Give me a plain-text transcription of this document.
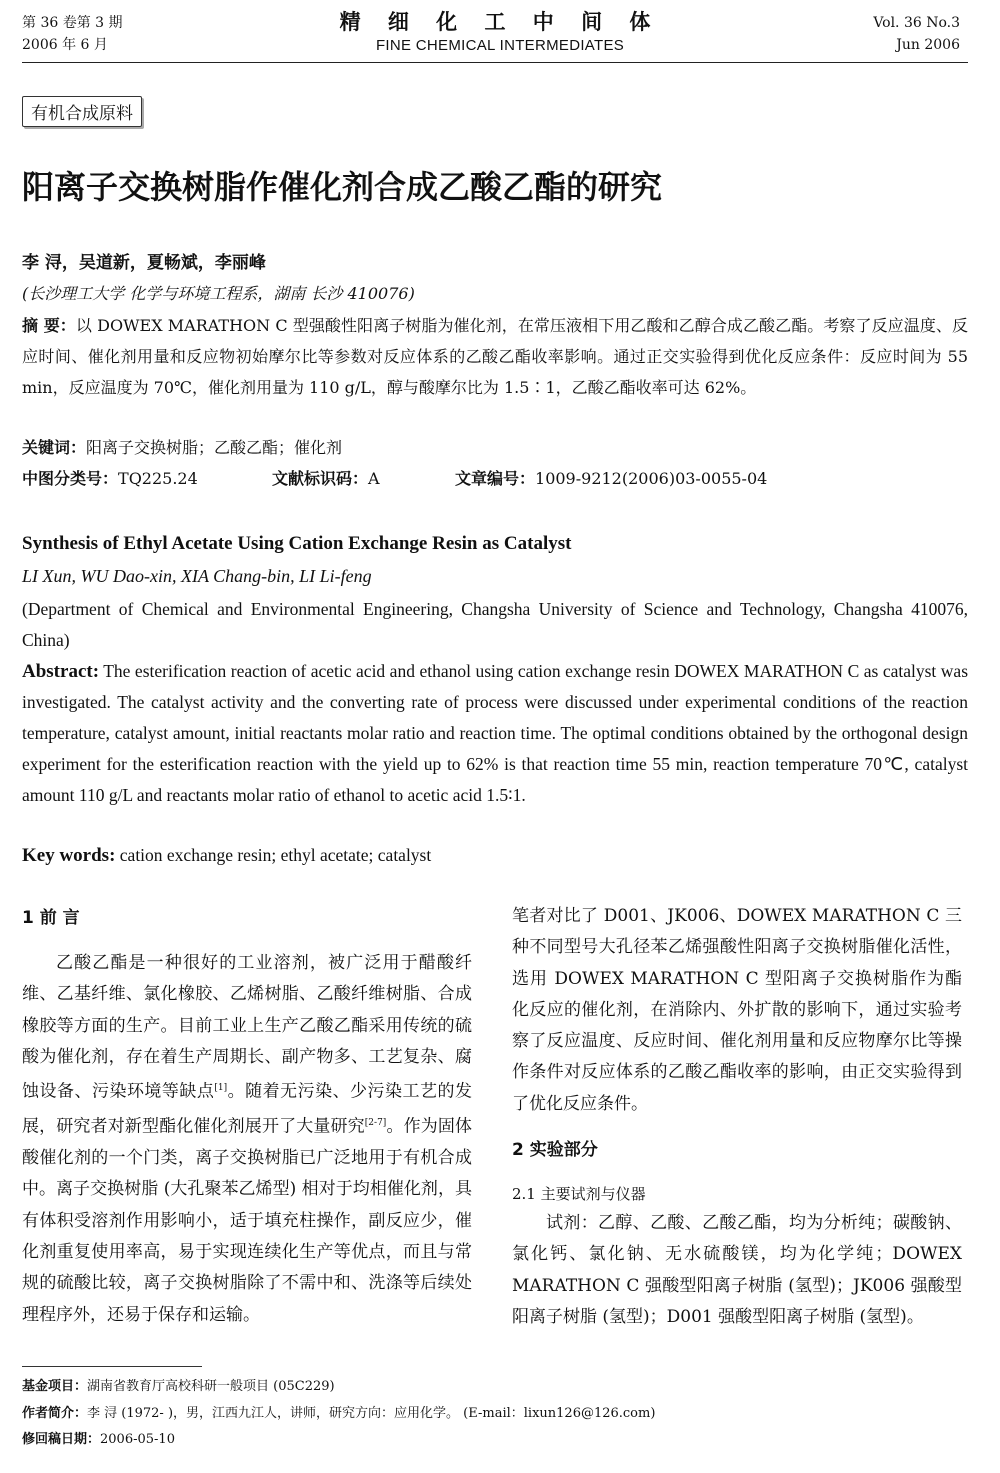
第 36 卷第 3 期
2006 年 6 月
精 细 化 工 中 间 体
FINE CHEMICAL INTERMEDIATES
Vol. 36 No.3
Jun 2006
有机合成原料
阳离子交换树脂作催化剂合成乙酸乙酯的研究
李 浔，吴道新，夏畅斌，李丽峰
(长沙理工大学 化学与环境工程系，湖南 长沙 410076)
摘 要：以 DOWEX MARATHON C 型强酸性阳离子树脂为催化剂，在常压液相下用乙酸和乙醇合成乙酸乙酯。考察了反应温度、反应时间、催化剂用量和反应物初始摩尔比等参数对反应体系的乙酸乙酯收率影响。通过正交实验得到优化反应条件：反应时间为 55 min，反应温度为 70℃，催化剂用量为 110 g/L，醇与酸摩尔比为 1.5∶1，乙酸乙酯收率可达 62%。
关键词：阳离子交换树脂；乙酸乙酯；催化剂
中图分类号：TQ225.24	文献标识码：A	文章编号：1009-9212(2006)03-0055-04
Synthesis of Ethyl Acetate Using Cation Exchange Resin as Catalyst
LI Xun, WU Dao-xin, XIA Chang-bin, LI Li-feng
(Department of Chemical and Environmental Engineering, Changsha University of Science and Technology, Changsha 410076, China)
Abstract: The esterification reaction of acetic acid and ethanol using cation exchange resin DOWEX MARATHON C as catalyst was investigated. The catalyst activity and the converting rate of process were discussed under experimental conditions of the reaction temperature, catalyst amount, initial reactants molar ratio and reaction time. The optimal conditions obtained by the orthogonal design experiment for the esterification reaction with the yield up to 62% is that reaction time 55 min, reaction temperature 70℃, catalyst amount 110 g/L and reactants molar ratio of ethanol to acetic acid 1.5∶1.
Key words: cation exchange resin; ethyl acetate; catalyst
1 前 言
乙酸乙酯是一种很好的工业溶剂，被广泛用于醋酸纤维、乙基纤维、氯化橡胶、乙烯树脂、乙酸纤维树脂、合成橡胶等方面的生产。目前工业上生产乙酸乙酯采用传统的硫酸为催化剂，存在着生产周期长、副产物多、工艺复杂、腐蚀设备、污染环境等缺点[1]。随着无污染、少污染工艺的发展，研究者对新型酯化催化剂展开了大量研究[2-7]。作为固体酸催化剂的一个门类，离子交换树脂已广泛地用于有机合成中。离子交换树脂 (大孔聚苯乙烯型) 相对于均相催化剂，具有体积受溶剂作用影响小，适于填充柱操作，副反应少，催化剂重复使用率高，易于实现连续化生产等优点，而且与常规的硫酸比较，离子交换树脂除了不需中和、洗涤等后续处理程序外，还易于保存和运输。
笔者对比了 D001、JK006、DOWEX MARATHON C 三种不同型号大孔径苯乙烯强酸性阳离子交换树脂催化活性，选用 DOWEX MARATHON C 型阳离子交换树脂作为酯化反应的催化剂，在消除内、外扩散的影响下，通过实验考察了反应温度、反应时间、催化剂用量和反应物摩尔比等操作条件对反应体系的乙酸乙酯收率的影响，由正交实验得到了优化反应条件。
2 实验部分
2.1 主要试剂与仪器
试剂：乙醇、乙酸、乙酸乙酯，均为分析纯；碳酸钠、氯化钙、氯化钠、无水硫酸镁，均为化学纯；DOWEX MARATHON C 强酸型阳离子树脂 (氢型)；JK006 强酸型阳离子树脂 (氢型)；D001 强酸型阳离子树脂 (氢型)。
基金项目：湖南省教育厅高校科研一般项目 (05C229)
作者简介：李 浔 (1972- )，男，江西九江人，讲师，研究方向：应用化学。 (E-mail：lixun126@126.com)
修回稿日期：2006-05-10
